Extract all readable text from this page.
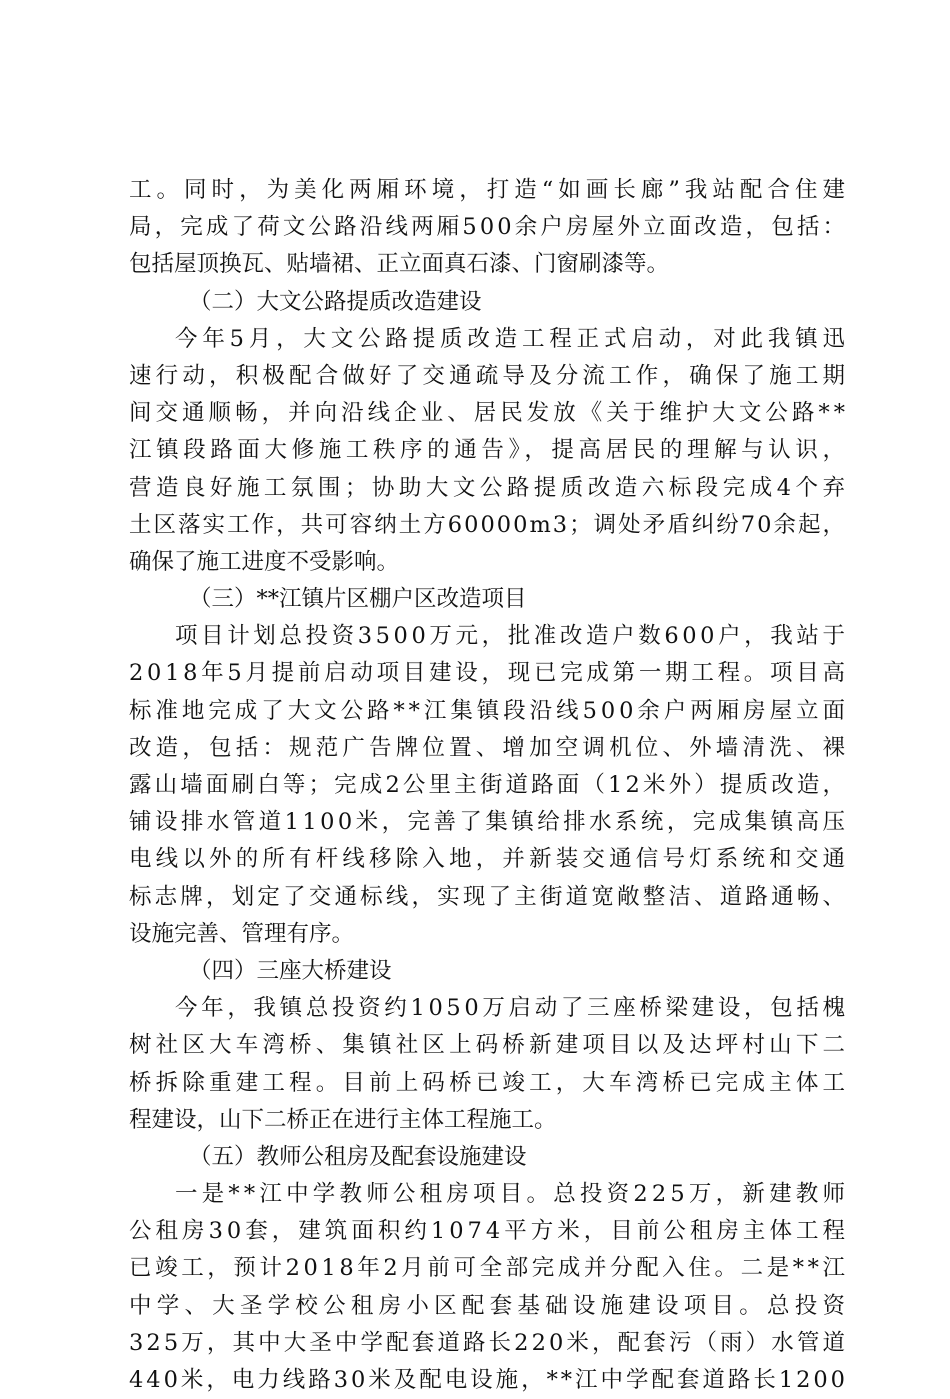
工。同时，为美化两厢环境，打造“如画长廊”我站配合住建
局，完成了荷文公路沿线两厢500余户房屋外立面改造，包括：
包括屋顶换瓦、贴墙裙、正立面真石漆、门窗刷漆等。
（二）大文公路提质改造建设
今年5月，大文公路提质改造工程正式启动，对此我镇迅
速行动，积极配合做好了交通疏导及分流工作，确保了施工期
间交通顺畅，并向沿线企业、居民发放《关于维护大文公路**
江镇段路面大修施工秩序的通告》，提高居民的理解与认识，
营造良好施工氛围；协助大文公路提质改造六标段完成4个弃
土区落实工作，共可容纳土方60000m3；调处矛盾纠纷70余起，
确保了施工进度不受影响。
（三）**江镇片区棚户区改造项目
项目计划总投资3500万元，批准改造户数600户，我站于
2018年5月提前启动项目建设，现已完成第一期工程。项目高
标准地完成了大文公路**江集镇段沿线500余户两厢房屋立面
改造，包括：规范广告牌位置、增加空调机位、外墙清洗、裸
露山墙面刷白等；完成2公里主街道路面（12米外）提质改造，
铺设排水管道1100米，完善了集镇给排水系统，完成集镇高压
电线以外的所有杆线移除入地，并新装交通信号灯系统和交通
标志牌，划定了交通标线，实现了主街道宽敞整洁、道路通畅、
设施完善、管理有序。
（四）三座大桥建设
今年，我镇总投资约1050万启动了三座桥梁建设，包括槐
树社区大车湾桥、集镇社区上码桥新建项目以及达坪村山下二
桥拆除重建工程。目前上码桥已竣工，大车湾桥已完成主体工
程建设，山下二桥正在进行主体工程施工。
（五）教师公租房及配套设施建设
一是**江中学教师公租房项目。总投资225万，新建教师
公租房30套，建筑面积约1074平方米，目前公租房主体工程
已竣工，预计2018年2月前可全部完成并分配入住。二是**江
中学、大圣学校公租房小区配套基础设施建设项目。总投资
325万，其中大圣中学配套道路长220米，配套污（雨）水管道
440米，电力线路30米及配电设施，**江中学配套道路长1200
